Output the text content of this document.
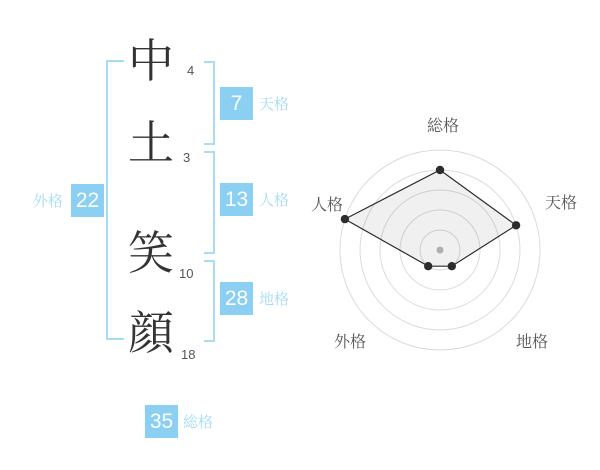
中 4
土 3
笑 10
顔 18
外格 22
7	天格
13 人格
28 地格
35 総格
総格
天格
地格
外格
人格
